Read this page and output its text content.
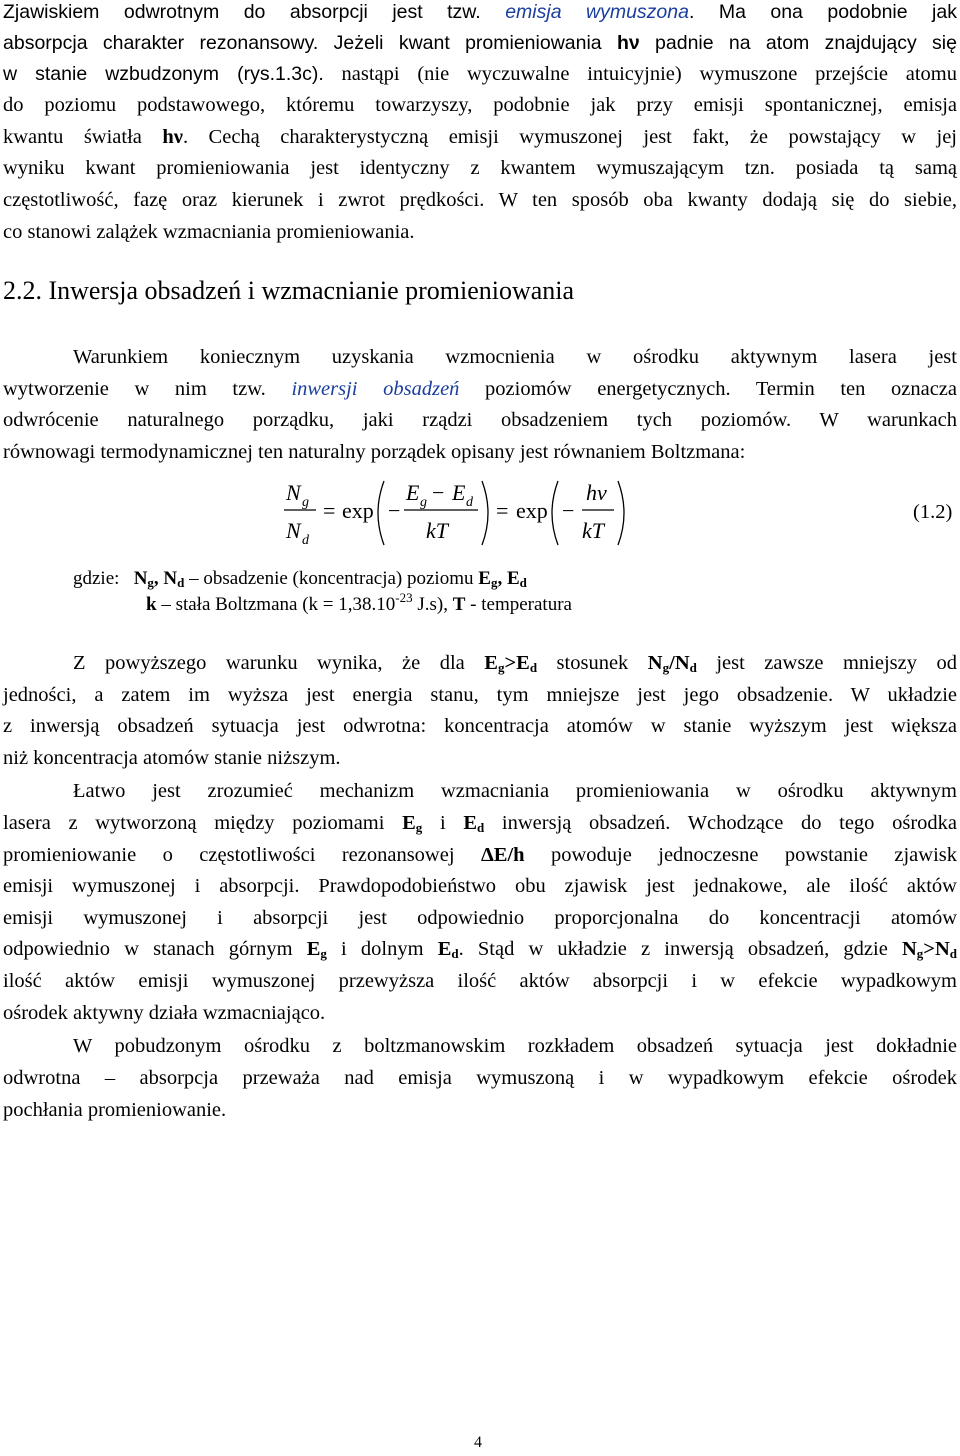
Zjawiskiem odwrotnym do absorpcji jest tzw. emisja wymuszona. Ma ona podobnie jak
absorpcja charakter rezonansowy. Jeżeli kwant promieniowania hν padnie na atom znajdujący się
w stanie wzbudzonym (rys.1.3c). nastąpi (nie wyczuwalne intuicyjnie) wymuszone przejście atomu
do poziomu podstawowego, któremu towarzyszy, podobnie jak przy emisji spontanicznej, emisja
kwantu światła hν. Cechą charakterystyczną emisji wymuszonej jest fakt, że powstający w jej
wyniku kwant promieniowania jest identyczny z kwantem wymuszającym tzn. posiada tą samą
częstotliwość, fazę oraz kierunek i zwrot prędkości. W ten sposób oba kwanty dodają się do siebie,
co stanowi zalążek wzmacniania promieniowania.
2.2. Inwersja obsadzeń i wzmacnianie promieniowania
Warunkiem koniecznym uzyskania wzmocnienia w ośrodku aktywnym lasera jest
wytworzenie w nim tzw. inwersji obsadzeń poziomów energetycznych. Termin ten oznacza
odwrócenie naturalnego porządku, jaki rządzi obsadzeniem tych poziomów. W warunkach
równowagi termodynamicznej ten naturalny porządek opisany jest równaniem Boltzmana:
N g
N d
= exp −
E g − E d
kT
= exp −
hν
kT
(1.2)
gdzie: $N_g$, $N_d$ – obsadzenie (koncentracja) poziomu $E_g$, $E_d$
k – stała Boltzmana ($k = 1,38.10^{-23}$ J.s), T - temperatura
Z powyższego warunku wynika, że dla $E_g>E_d$ stosunek $N_g/N_d$ jest zawsze mniejszy od
jedności, a zatem im wyższa jest energia stanu, tym mniejsze jest jego obsadzenie. W układzie
z inwersją obsadzeń sytuacja jest odwrotna: koncentracja atomów w stanie wyższym jest większa
niż koncentracja atomów stanie niższym.
Łatwo jest zrozumieć mechanizm wzmacniania promieniowania w ośrodku aktywnym
lasera z wytworzoną między poziomami $E_g$ i $E_d$ inwersją obsadzeń. Wchodzące do tego ośrodka
promieniowanie o częstotliwości rezonansowej ΔE/h powoduje jednoczesne powstanie zjawisk
emisji wymuszonej i absorpcji. Prawdopodobieństwo obu zjawisk jest jednakowe, ale ilość aktów
emisji wymuszonej i absorpcji jest odpowiednio proporcjonalna do koncentracji atomów
odpowiednio w stanach górnym $E_g$ i dolnym $E_d$. Stąd w układzie z inwersją obsadzeń, gdzie $N_g>N_d$
ilość aktów emisji wymuszonej przewyższa ilość aktów absorpcji i w efekcie wypadkowym
ośrodek aktywny działa wzmacniająco.
W pobudzonym ośrodku z boltzmanowskim rozkładem obsadzeń sytuacja jest dokładnie
odwrotna – absorpcja przeważa nad emisja wymuszoną i w wypadkowym efekcie ośrodek
pochłania promieniowanie.
4
